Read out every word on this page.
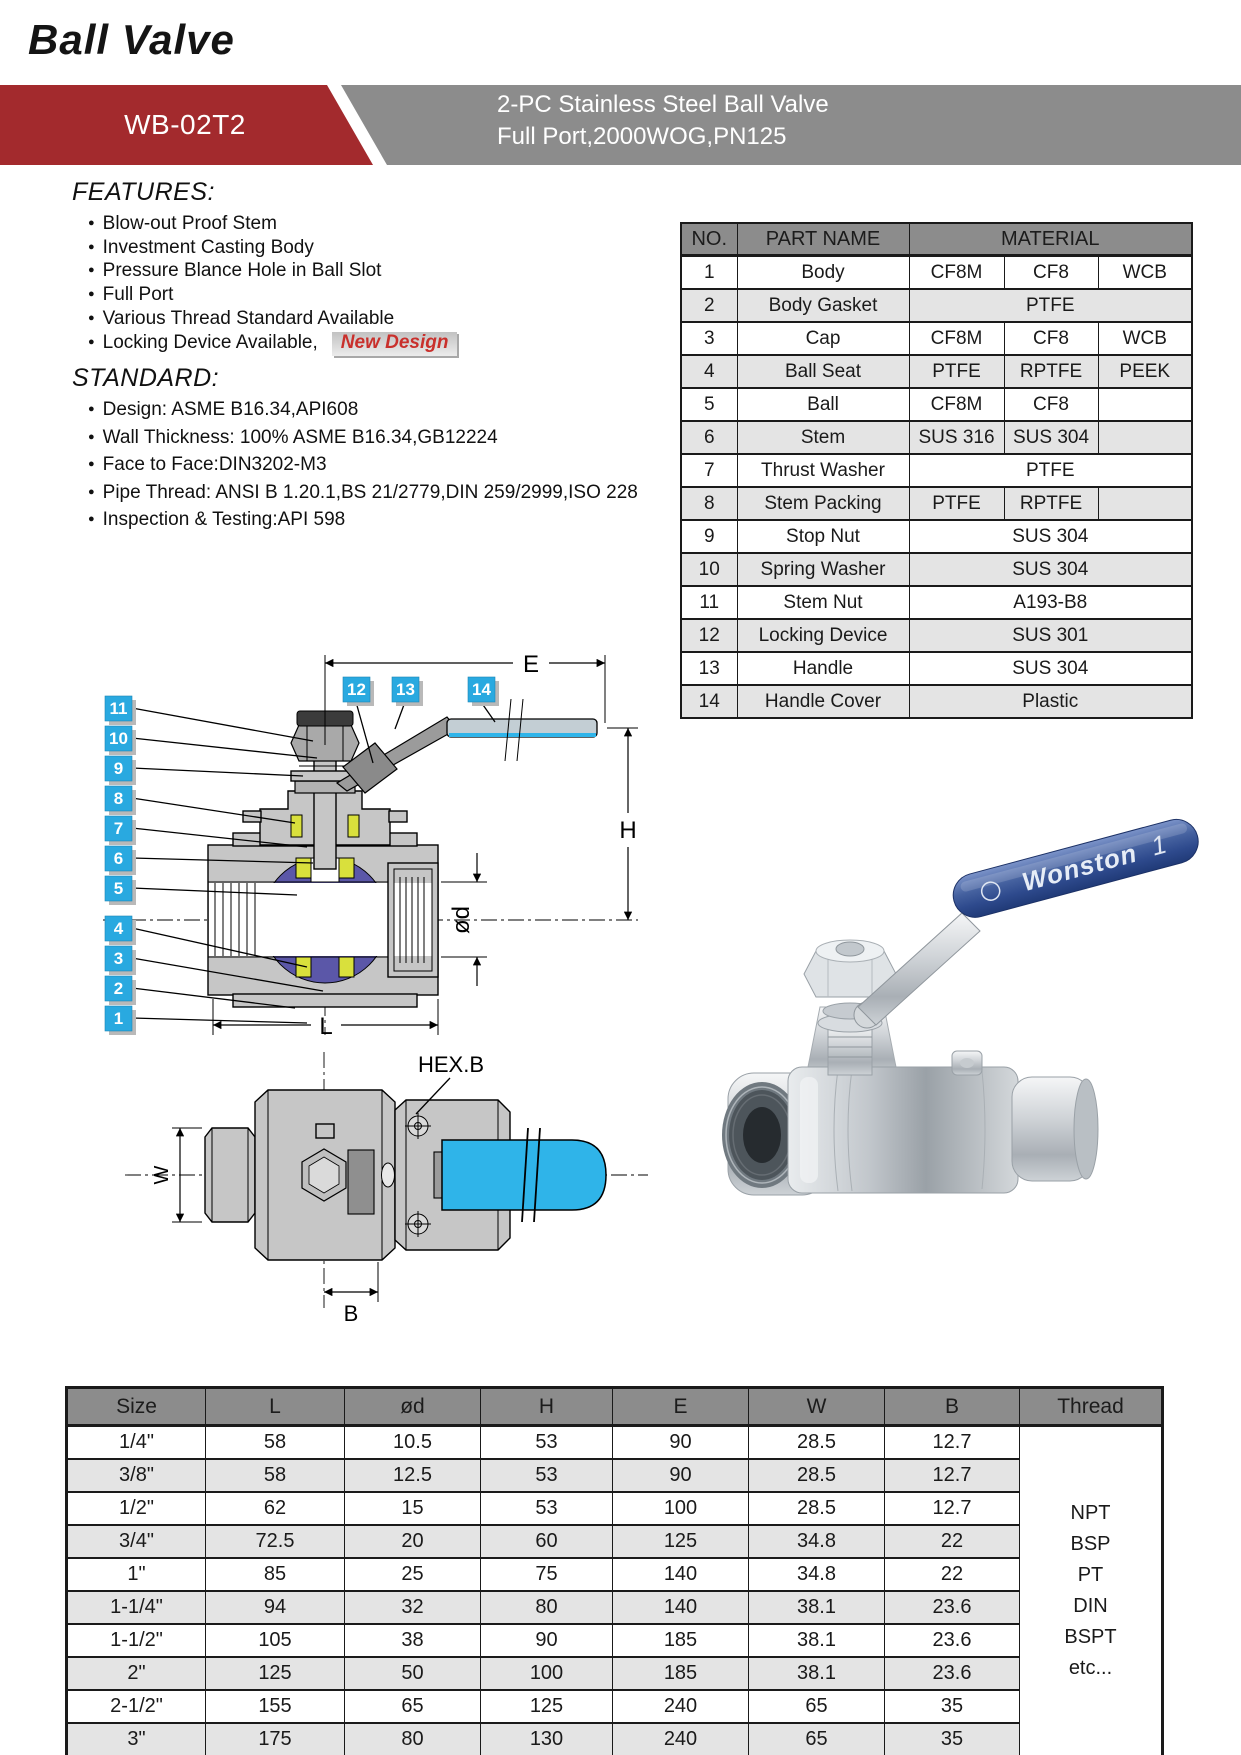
Ball Valve
WB-02T2
2-PC Stainless Steel Ball Valve
Full Port,2000WOG,PN125
FEATURES:
● Blow-out Proof Stem
● Investment Casting Body
● Pressure Blance Hole in Ball Slot
● Full Port
● Various Thread Standard Available
● Locking Device Available, New Design
STANDARD:
● Design: ASME B16.34,API608
● Wall Thickness: 100% ASME B16.34,GB12224
● Face to Face:DIN3202-M3
● Pipe Thread: ANSI B 1.20.1,BS 21/2779,DIN 259/2999,ISO 228
● Inspection & Testing:API 598
NO.	PART NAME	MATERIAL		
1	Body	CF8M	CF8	WCB
2	Body Gasket	PTFE		
3	Cap	CF8M	CF8	WCB
4	Ball Seat	PTFE	RPTFE	PEEK
5	Ball	CF8M	CF8	
6	Stem	SUS 316	SUS 304	
7	Thrust Washer	PTFE		
8	Stem Packing	PTFE	RPTFE	
9	Stop Nut	SUS 304		
10	Spring Washer	SUS 304		
11	Stem Nut	A193-B8		
12	Locking Device	SUS 301		
13	Handle	SUS 304		
14	Handle Cover	Plastic		
E
H
ød
L
11
10
9
8
7
6
5
4
3
2
1
12 13	14
W
B
HEX.B
Wonston 1
Size	L	ød	H	E	W	B	Thread
1/4"	58	10.5	53	90	28.5	12.7	
NPT
BSP
PT
DIN
BSPT
etc...

3/8"	58	12.5	53	90	28.5	12.7	
1/2"	62	15	53	100	28.5	12.7	
3/4"	72.5	20	60	125	34.8	22	
1"	85	25	75	140	34.8	22	
1-1/4"	94	32	80	140	38.1	23.6	
1-1/2"	105	38	90	185	38.1	23.6	
2"	125	50	100	185	38.1	23.6	
2-1/2"	155	65	125	240	65	35	
3"	175	80	130	240	65	35	
